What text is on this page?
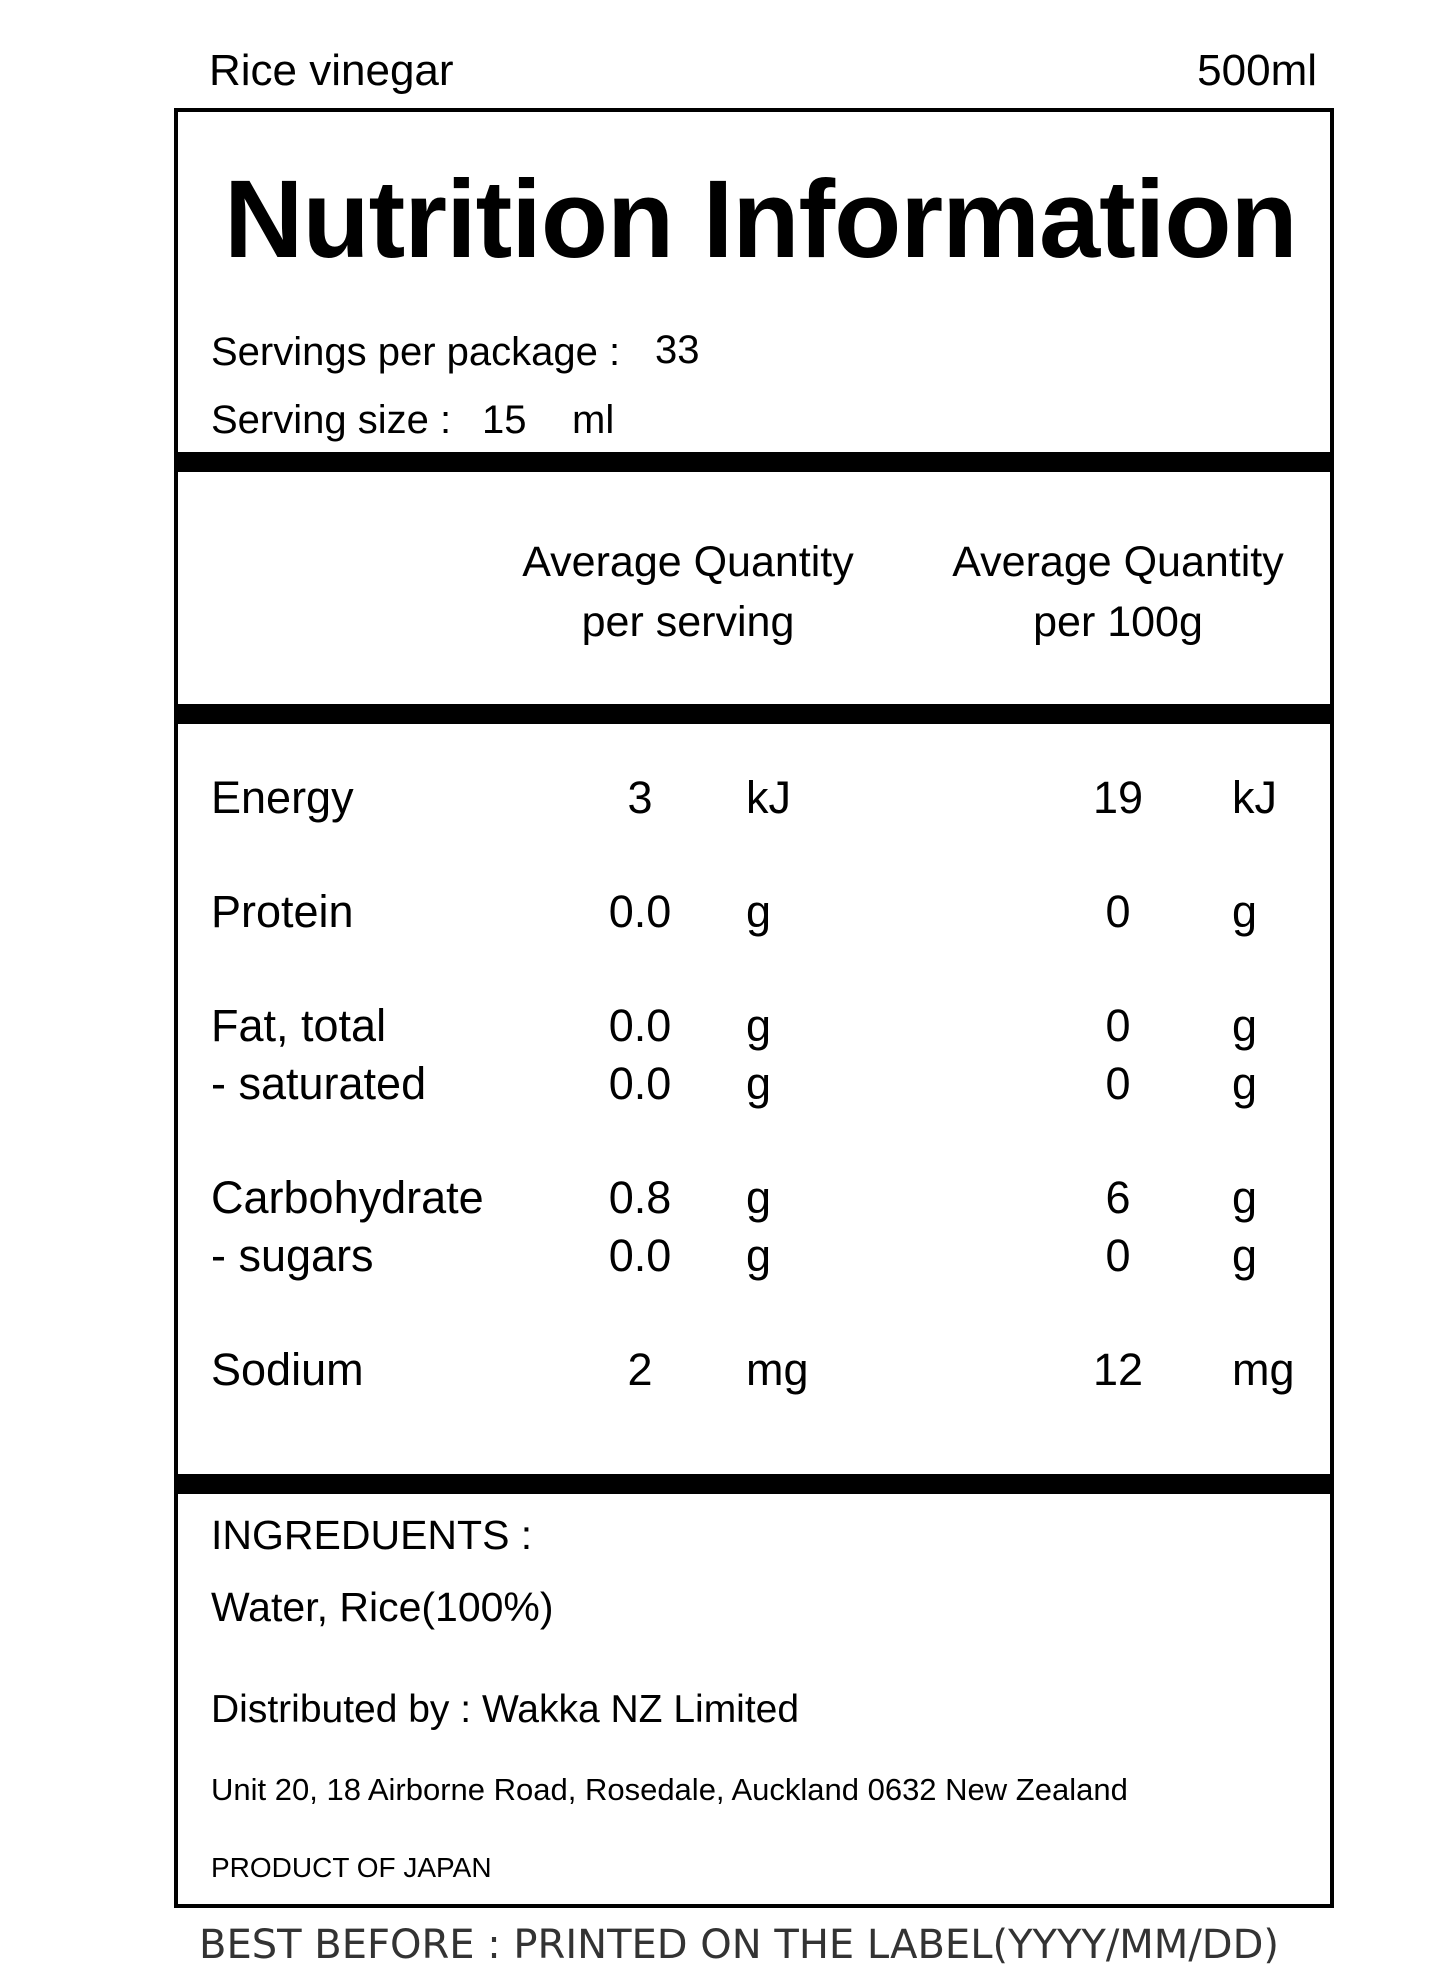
Rice vinegar	500ml
Nutrition Information
Servings per package : 33
Serving size : 15 ml
Average Quantity
per serving
Average Quantity
per 100g
Energy	3	kJ	19	kJ
Protein	0.0	g	0	g
Fat, total	0.0	g	0	g
- saturated	0.0	g	0	g
Carbohydrate	0.8	g	6	g
- sugars	0.0	g	0	g
Sodium	2	mg	12	mg
INGREDUENTS :
Water, Rice(100%)
Distributed by : Wakka NZ Limited
Unit 20, 18 Airborne Road, Rosedale, Auckland 0632 New Zealand
PRODUCT OF JAPAN
BEST BEFORE : PRINTED ON THE LABEL(YYYY/MM/DD)
